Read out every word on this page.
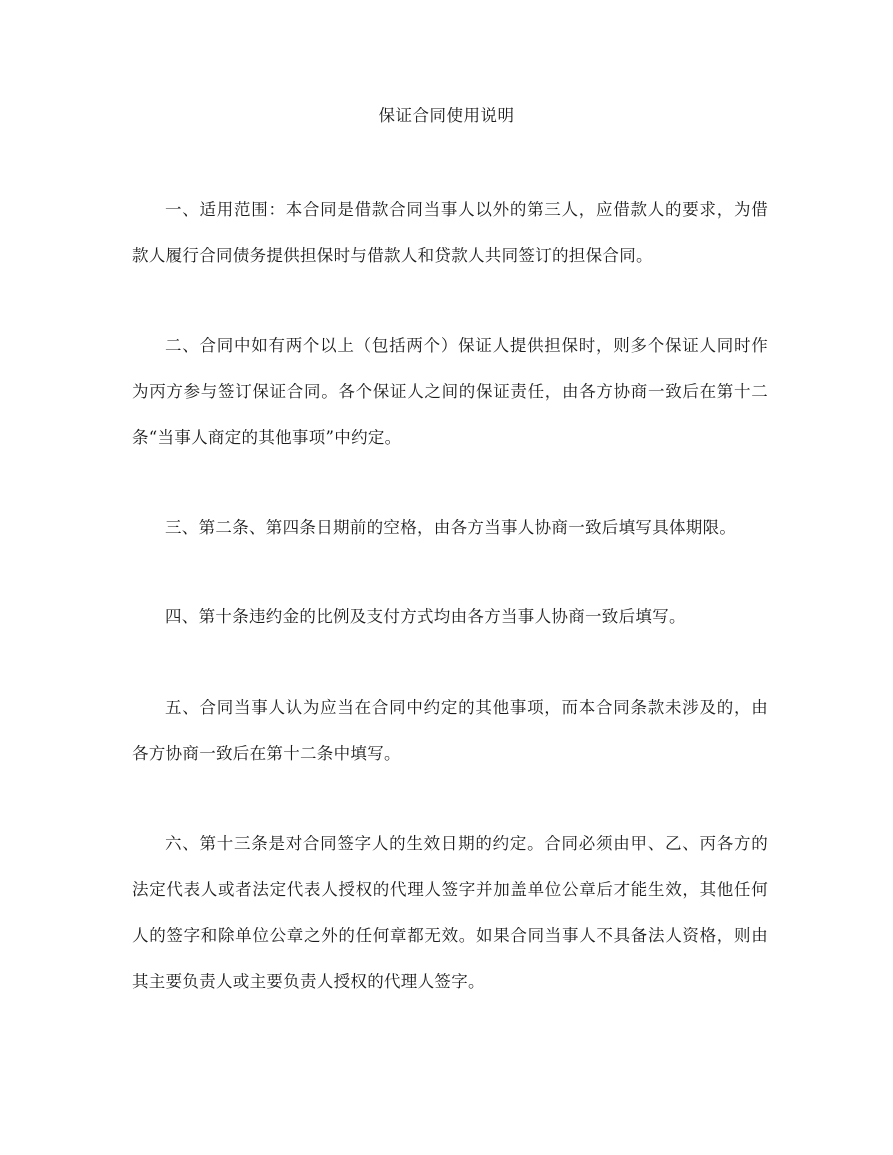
保证合同使用说明
一、适用范围：本合同是借款合同当事人以外的第三人，应借款人的要求，为借款人履行合同债务提供担保时与借款人和贷款人共同签订的担保合同。
二、合同中如有两个以上（包括两个）保证人提供担保时，则多个保证人同时作为丙方参与签订保证合同。各个保证人之间的保证责任，由各方协商一致后在第十二条“当事人商定的其他事项”中约定。
三、第二条、第四条日期前的空格，由各方当事人协商一致后填写具体期限。
四、第十条违约金的比例及支付方式均由各方当事人协商一致后填写。
五、合同当事人认为应当在合同中约定的其他事项，而本合同条款未涉及的，由各方协商一致后在第十二条中填写。
六、第十三条是对合同签字人的生效日期的约定。合同必须由甲、乙、丙各方的法定代表人或者法定代表人授权的代理人签字并加盖单位公章后才能生效，其他任何人的签字和除单位公章之外的任何章都无效。如果合同当事人不具备法人资格，则由其主要负责人或主要负责人授权的代理人签字。
